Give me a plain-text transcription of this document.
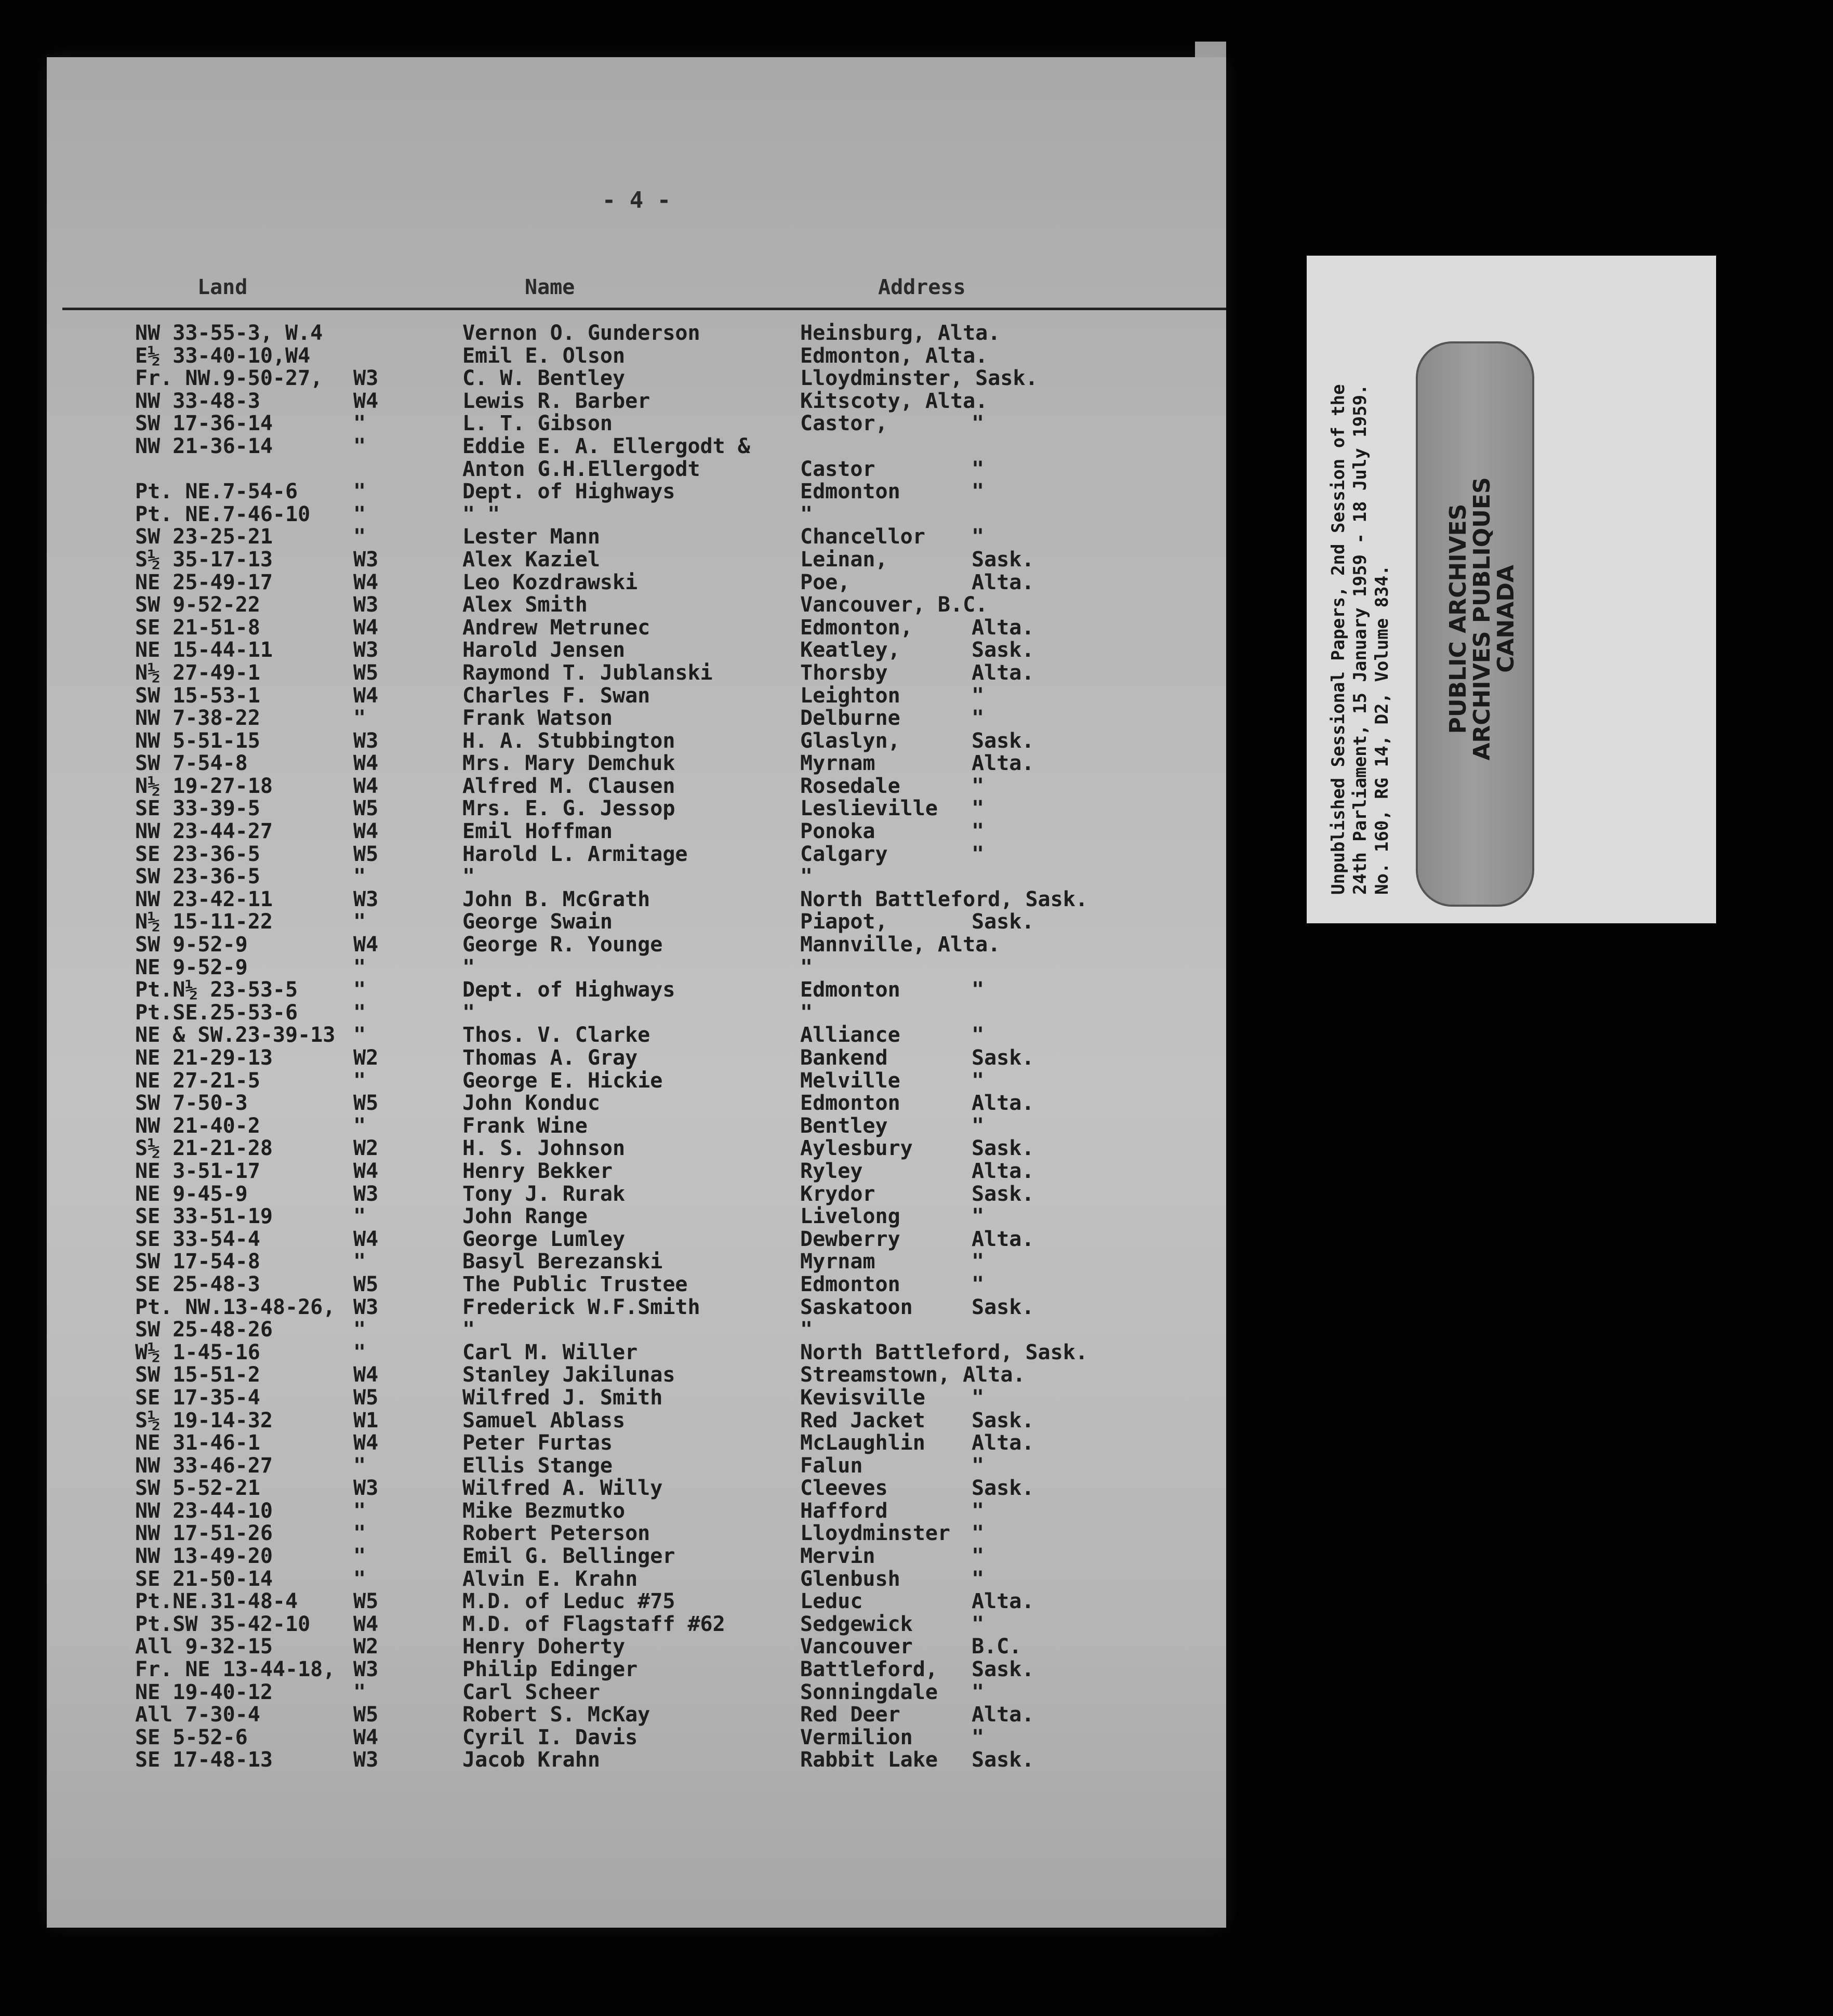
- 4 -
Land	Name	Address
NW 33-55-3, W.4	Vernon O. Gunderson	Heinsburg, Alta.
E½ 33-40-10,W4	Emil E. Olson	Edmonton, Alta.
Fr. NW.9-50-27, W3	C. W. Bentley	Lloydminster, Sask.
NW 33-48-3	W4	Lewis R. Barber	Kitscoty, Alta.
SW 17-36-14	"	L. T. Gibson	Castor,	"
NW 21-36-14	"	Eddie E. A. Ellergodt &
Anton G.H.Ellergodt	Castor	"
Pt. NE.7-54-6	"	Dept. of Highways	Edmonton	"
Pt. NE.7-46-10 "	" "	"
SW 23-25-21	"	Lester Mann	Chancellor "
S½ 35-17-13	W3	Alex Kaziel	Leinan,	Sask.
NE 25-49-17	W4	Leo Kozdrawski	Poe,	Alta.
SW 9-52-22	W3	Alex Smith	Vancouver, B.C.
SE 21-51-8	W4	Andrew Metrunec	Edmonton,	Alta.
NE 15-44-11	W3	Harold Jensen	Keatley,	Sask.
N½ 27-49-1	W5	Raymond T. Jublanski	Thorsby	Alta.
SW 15-53-1	W4	Charles F. Swan	Leighton	"
NW 7-38-22	"	Frank Watson	Delburne	"
NW 5-51-15	W3	H. A. Stubbington	Glaslyn,	Sask.
SW 7-54-8	W4	Mrs. Mary Demchuk	Myrnam	Alta.
N½ 19-27-18	W4	Alfred M. Clausen	Rosedale	"
SE 33-39-5	W5	Mrs. E. G. Jessop	Leslieville "
NW 23-44-27	W4	Emil Hoffman	Ponoka	"
SE 23-36-5	W5	Harold L. Armitage	Calgary	"
SW 23-36-5	"	"	"
NW 23-42-11	W3	John B. McGrath	North Battleford, Sask.
N½ 15-11-22	"	George Swain	Piapot,	Sask.
SW 9-52-9	W4	George R. Younge	Mannville, Alta.
NE 9-52-9	"	"	"
Pt.N½ 23-53-5	"	Dept. of Highways	Edmonton	"
Pt.SE.25-53-6	"	"	"
NE & SW.23-39-13 "	Thos. V. Clarke	Alliance	"
NE 21-29-13	W2	Thomas A. Gray	Bankend	Sask.
NE 27-21-5	"	George E. Hickie	Melville	"
SW 7-50-3	W5	John Konduc	Edmonton	Alta.
NW 21-40-2	"	Frank Wine	Bentley	"
S½ 21-21-28	W2	H. S. Johnson	Aylesbury	Sask.
NE 3-51-17	W4	Henry Bekker	Ryley	Alta.
NE 9-45-9	W3	Tony J. Rurak	Krydor	Sask.
SE 33-51-19	"	John Range	Livelong	"
SE 33-54-4	W4	George Lumley	Dewberry	Alta.
SW 17-54-8	"	Basyl Berezanski	Myrnam	"
SE 25-48-3	W5	The Public Trustee	Edmonton	"
Pt. NW.13-48-26, W3	Frederick W.F.Smith	Saskatoon	Sask.
SW 25-48-26	"	"	"
W½ 1-45-16	"	Carl M. Willer	North Battleford, Sask.
SW 15-51-2	W4	Stanley Jakilunas	Streamstown, Alta.
SE 17-35-4	W5	Wilfred J. Smith	Kevisville "
S½ 19-14-32	W1	Samuel Ablass	Red Jacket Sask.
NE 31-46-1	W4	Peter Furtas	McLaughlin Alta.
NW 33-46-27	"	Ellis Stange	Falun	"
SW 5-52-21	W3	Wilfred A. Willy	Cleeves	Sask.
NW 23-44-10	"	Mike Bezmutko	Hafford	"
NW 17-51-26	"	Robert Peterson	Lloydminster "
NW 13-49-20	"	Emil G. Bellinger	Mervin	"
SE 21-50-14	"	Alvin E. Krahn	Glenbush	"
Pt.NE.31-48-4	W5	M.D. of Leduc #75	Leduc	Alta.
Pt.SW 35-42-10 W4	M.D. of Flagstaff #62	Sedgewick	"
All 9-32-15	W2	Henry Doherty	Vancouver	B.C.
Fr. NE 13-44-18, W3	Philip Edinger	Battleford, Sask.
NE 19-40-12	"	Carl Scheer	Sonningdale "
All 7-30-4	W5	Robert S. McKay	Red Deer	Alta.
SE 5-52-6	W4	Cyril I. Davis	Vermilion	"
SE 17-48-13	W3	Jacob Krahn	Rabbit Lake Sask.
Unpublished Sessional Papers, 2nd Session of the 24th Parliament, 15 January 1959 - 18 July 1959. No. 160, RG 14, D2, Volume 834. PUBLIC ARCHIVES
ARCHIVES PUBLIQUES
CANADA
